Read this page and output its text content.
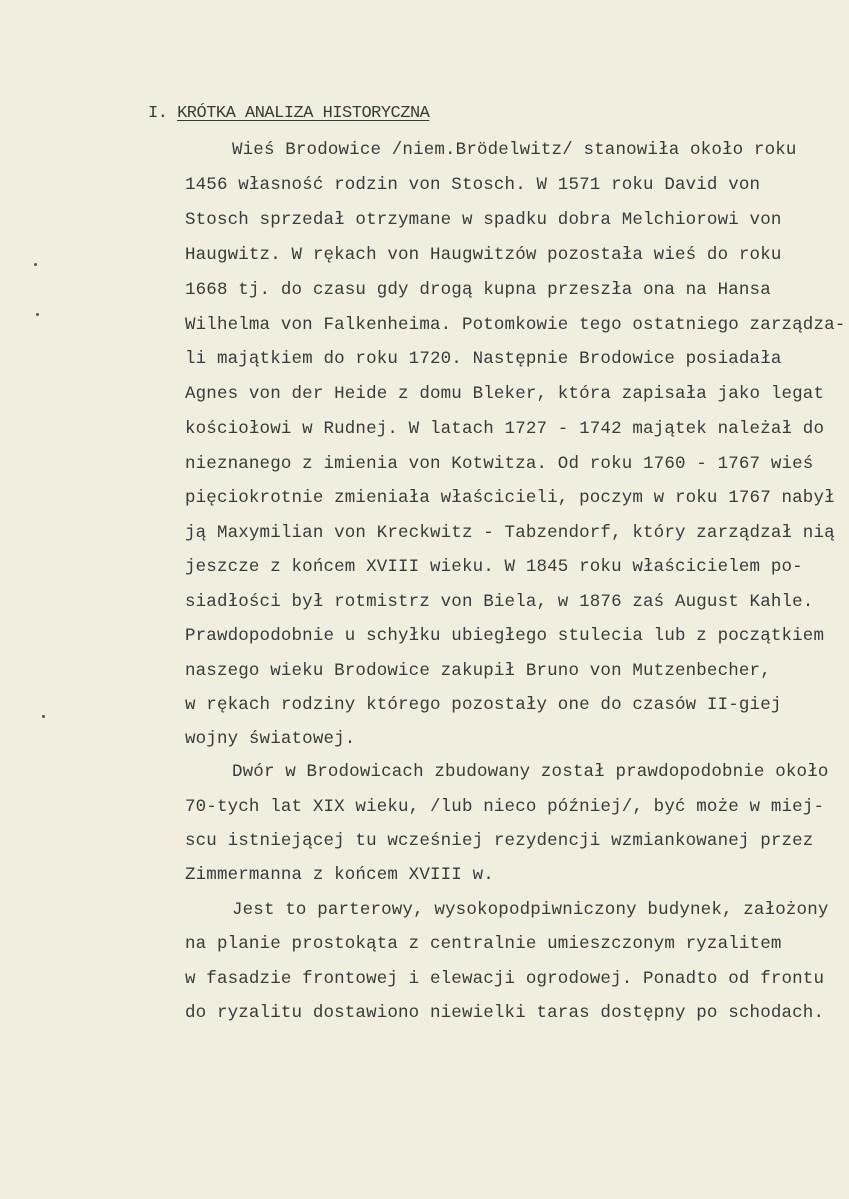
I. KRÓTKA ANALIZA HISTORYCZNA
Wieś Brodowice /niem.Brödelwitz/ stanowiła około roku
1456 własność rodzin von Stosch. W 1571 roku David von
Stosch sprzedał otrzymane w spadku dobra Melchiorowi von
Haugwitz. W rękach von Haugwitzów pozostała wieś do roku
1668 tj. do czasu gdy drogą kupna przeszła ona na Hansa
Wilhelma von Falkenheima. Potomkowie tego ostatniego zarządza-
li majątkiem do roku 1720. Następnie Brodowice posiadała
Agnes von der Heide z domu Bleker, która zapisała jako legat
kościołowi w Rudnej. W latach 1727 - 1742 majątek należał do
nieznanego z imienia von Kotwitza. Od roku 1760 - 1767 wieś
pięciokrotnie zmieniała właścicieli, poczym w roku 1767 nabył
ją Maxymilian von Kreckwitz - Tabzendorf, który zarządzał nią
jeszcze z końcem XVIII wieku. W 1845 roku właścicielem po-
siadłości był rotmistrz von Biela, w 1876 zaś August Kahle.
Prawdopodobnie u schyłku ubiegłego stulecia lub z początkiem
naszego wieku Brodowice zakupił Bruno von Mutzenbecher,
w rękach rodziny którego pozostały one do czasów II-giej
wojny światowej.
Dwór w Brodowicach zbudowany został prawdopodobnie około
70-tych lat XIX wieku, /lub nieco później/, być może w miej-
scu istniejącej tu wcześniej rezydencji wzmiankowanej przez
Zimmermanna z końcem XVIII w.
Jest to parterowy, wysokopodpiwniczony budynek, założony
na planie prostokąta z centralnie umieszczonym ryzalitem
w fasadzie frontowej i elewacji ogrodowej. Ponadto od frontu
do ryzalitu dostawiono niewielki taras dostępny po schodach.
